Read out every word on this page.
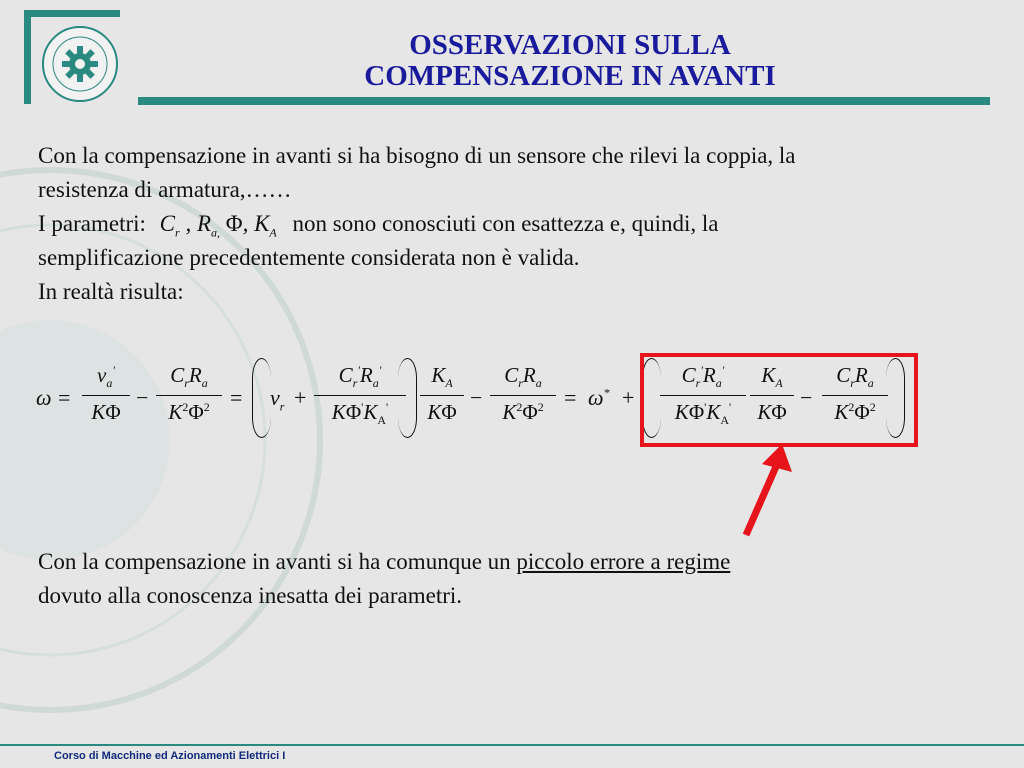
OSSERVAZIONI SULLA
COMPENSAZIONE IN AVANTI
Con la compensazione in avanti si ha bisogno di un sensore che rilevi la coppia, la
resistenza di armatura,……
I parametri: $C_r$ , $R_{a,}$ Φ, $K_A$ non sono conosciuti con esattezza e, quindi, la
semplificazione precedentemente considerata non è valida.
In realtà risulta:
ω =
$v_a'$
KΦ
−
$C_rR_a$
$K^2\Phi^2 = v_r$ +
$C_r'R_a'$
$K\Phi'K_A'$
$K_A$
KΦ
−
$C_rR_a$
$K^2\Phi^2 = \omega^*$ +
$C_r'R_a'$
$K\Phi'K_A'$
$K_A$
KΦ
−
$C_rR_a$
$K^2\Phi^2$
Con la compensazione in avanti si ha comunque un piccolo errore a regime
dovuto alla conoscenza inesatta dei parametri.
Corso di Macchine ed Azionamenti Elettrici I
